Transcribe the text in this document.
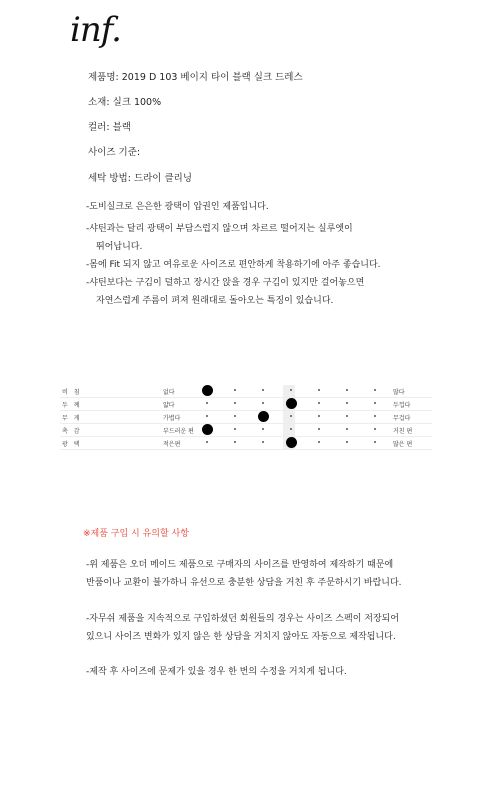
inf.
제품명: 2019 D 103 베이지 타이 블랙 실크 드레스
소재: 실크 100%
컬러: 블랙
사이즈 기준:
세탁 방법: 드라이 클리닝
-도비실크로 은은한 광택이 압권인 제품입니다.
-샤틴과는 달리 광택이 부담스럽지 않으며 차르르 떨어지는 실루엣이
뛰어납니다.
-몸에 Fit 되지 않고 여유로운 사이즈로 편안하게 착용하기에 아주 좋습니다.
-샤틴보다는 구김이 덜하고 장시간 앉을 경우 구김이 있지만 걸어놓으면
자연스럽게 주름이 펴져 원래대로 돌아오는 특징이 있습니다.
비침	없다	많다
두께	얇다	두껍다
무게	가볍다	무겁다
촉감	부드러운 편	거친 편
광택	적은편	많은 편
※제품 구입 시 유의할 사항
-위 제품은 오더 메이드 제품으로 구매자의 사이즈를 반영하여 제작하기 때문에
반품이나 교환이 불가하니 유선으로 충분한 상담을 거친 후 주문하시기 바랍니다.
-자무쉬 제품을 지속적으로 구입하셨던 회원들의 경우는 사이즈 스펙이 저장되어
있으니 사이즈 변화가 있지 않은 한 상담을 거치지 않아도 자동으로 제작됩니다.
-제작 후 사이즈에 문제가 있을 경우 한 번의 수정을 거치게 됩니다.
